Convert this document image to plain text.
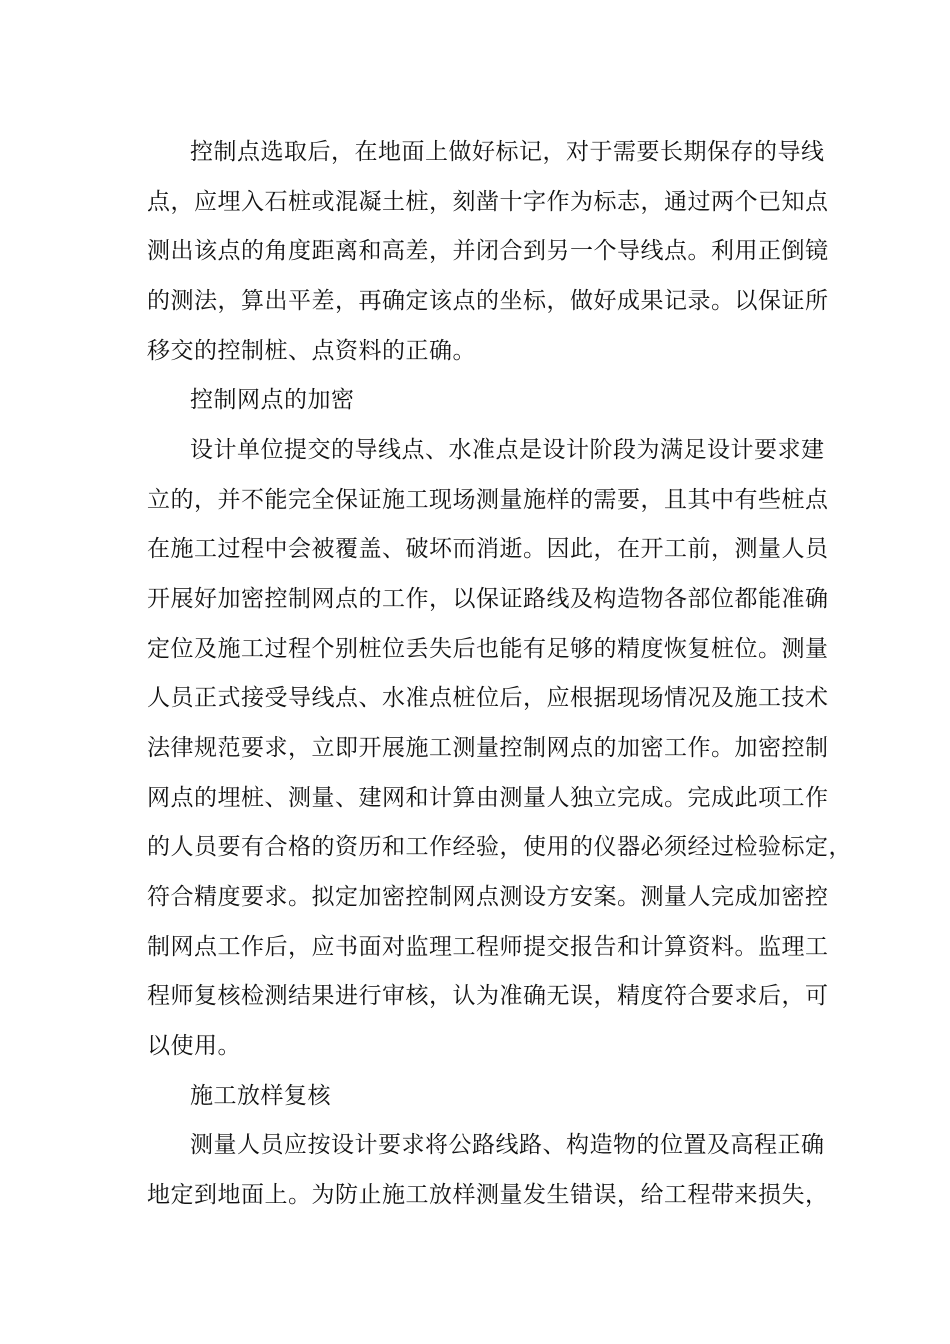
控制点选取后，在地面上做好标记，对于需要长期保存的导线
点，应埋入石桩或混凝土桩，刻凿十字作为标志，通过两个已知点
测出该点的角度距离和高差，并闭合到另一个导线点。利用正倒镜
的测法，算出平差，再确定该点的坐标，做好成果记录。以保证所
移交的控制桩、点资料的正确。
控制网点的加密
设计单位提交的导线点、水准点是设计阶段为满足设计要求建
立的，并不能完全保证施工现场测量施样的需要，且其中有些桩点
在施工过程中会被覆盖、破坏而消逝。因此，在开工前，测量人员
开展好加密控制网点的工作，以保证路线及构造物各部位都能准确
定位及施工过程个别桩位丢失后也能有足够的精度恢复桩位。测量
人员正式接受导线点、水准点桩位后，应根据现场情况及施工技术
法律规范要求，立即开展施工测量控制网点的加密工作。加密控制
网点的埋桩、测量、建网和计算由测量人独立完成。完成此项工作
的人员要有合格的资历和工作经验，使用的仪器必须经过检验标定，
符合精度要求。拟定加密控制网点测设方安案。测量人完成加密控
制网点工作后，应书面对监理工程师提交报告和计算资料。监理工
程师复核检测结果进行审核，认为准确无误，精度符合要求后，可
以使用。
施工放样复核
测量人员应按设计要求将公路线路、构造物的位置及高程正确
地定到地面上。为防止施工放样测量发生错误，给工程带来损失，
